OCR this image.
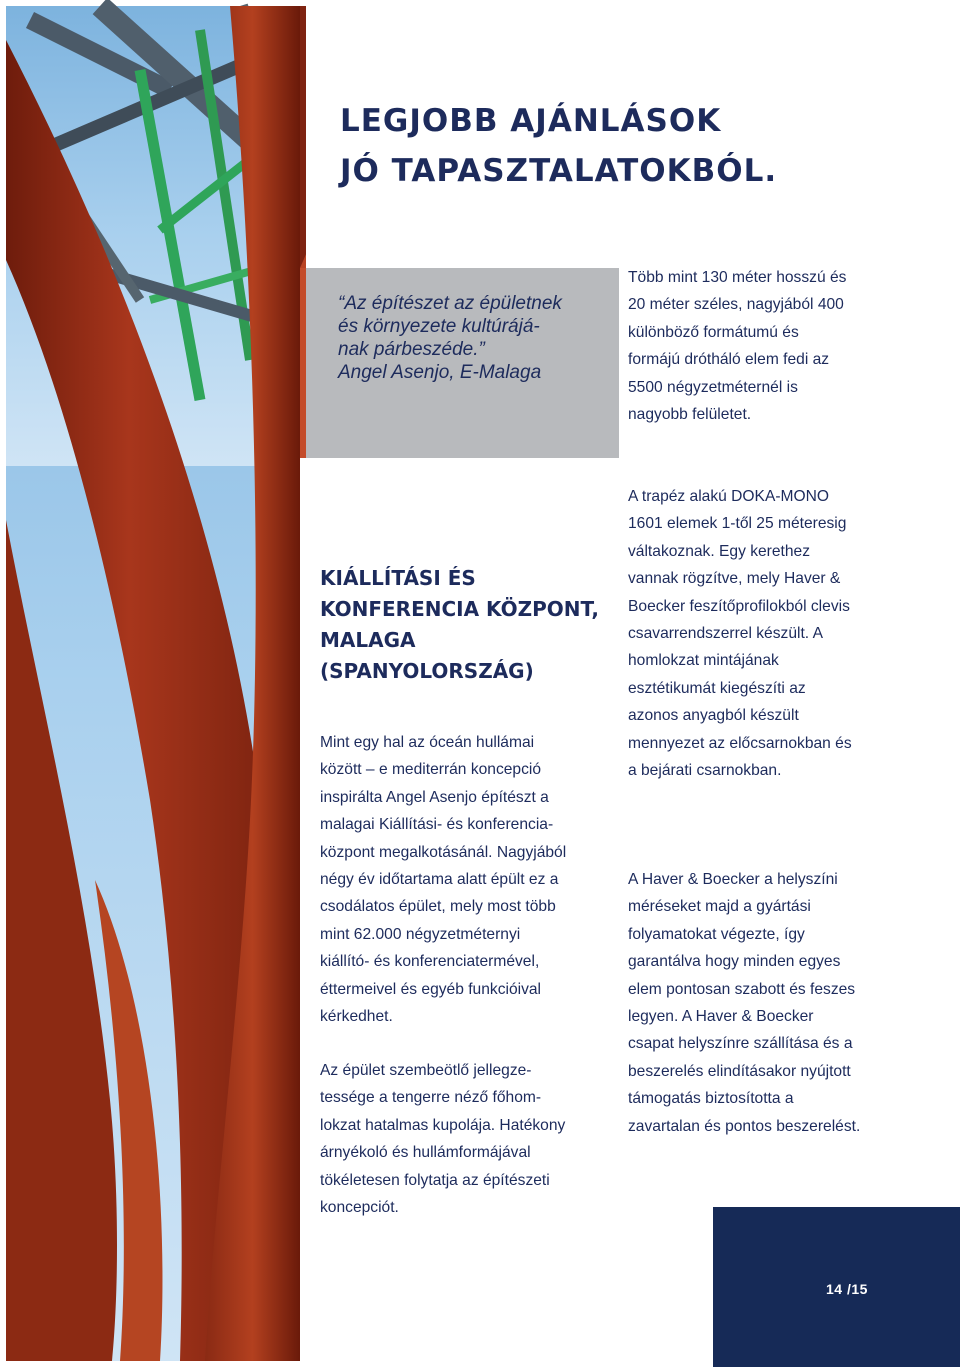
LEGJOBB AJÁNLÁSOK
JÓ TAPASZTALATOKBÓL.
“Az építészet az épületnek
és környezete kultúrájá-
nak párbeszéde.”
Angel Asenjo, E-Malaga
Több mint 130 méter hosszú és
20 méter széles, nagyjából 400
különböző formátumú és
formájú drótháló elem fedi az
5500 négyzetméternél is
nagyobb felületet.
KIÁLLÍTÁSI ÉS
KONFERENCIA KÖZPONT,
MALAGA
(SPANYOLORSZÁG)
Mint egy hal az óceán hullámai
között – e mediterrán koncepció
inspirálta Angel Asenjo építészt a
malagai Kiállítási- és konferencia-
központ megalkotásánál. Nagyjából
négy év időtartama alatt épült ez a
csodálatos épület, mely most több
mint 62.000 négyzetméternyi
kiállító- és konferenciatermével,
éttermeivel és egyéb funkcióival
kérkedhet.
Az épület szembeötlő jellegze-
tessége a tengerre néző főhom-
lokzat hatalmas kupolája. Hatékony
árnyékoló és hullámformájával
tökéletesen folytatja az építészeti
koncepciót.
A trapéz alakú DOKA-MONO
1601 elemek 1-től 25 méteresig
váltakoznak. Egy kerethez
vannak rögzítve, mely Haver &
Boecker feszítőprofilokból clevis
csavarrendszerrel készült. A
homlokzat mintájának
esztétikumát kiegészíti az
azonos anyagból készült
mennyezet az előcsarnokban és
a bejárati csarnokban.
A Haver & Boecker a helyszíni
méréseket majd a gyártási
folyamatokat végezte, így
garantálva hogy minden egyes
elem pontosan szabott és feszes
legyen. A Haver & Boecker
csapat helyszínre szállítása és a
beszerelés elindításakor nyújtott
támogatás biztosította a
zavartalan és pontos beszerelést.
14 /15
